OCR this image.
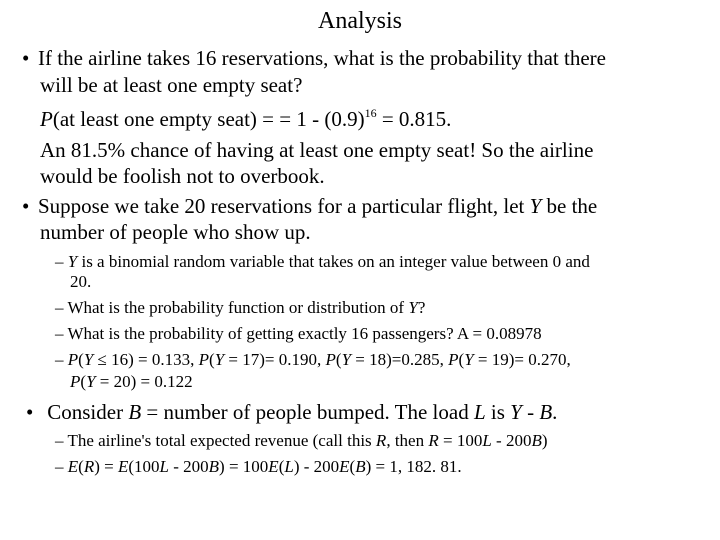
Analysis
• If the airline takes 16 reservations, what is the probability that there
will be at least one empty seat?
P(at least one empty seat) = = $1 - (0.9)^{16} = 0.815$.
An 81.5% chance of having at least one empty seat! So the airline
would be foolish not to overbook.
• Suppose we take 20 reservations for a particular flight, let Y be the
number of people who show up.
– Y is a binomial random variable that takes on an integer value between 0 and
20.
– What is the probability function or distribution of Y?
– What is the probability of getting exactly 16 passengers? A = 0.08978
– P(Y ≤ 16) = 0.133, P(Y = 17)= 0.190, P(Y = 18)=0.285, P(Y = 19)= 0.270,
P(Y = 20) = 0.122
• Consider B = number of people bumped. The load L is Y - B.
– The airline's total expected revenue (call this R, then R = 100L - 200B)
– E(R) = E(100L - 200B) = 100E(L) - 200E(B) = 1, 182. 81.
